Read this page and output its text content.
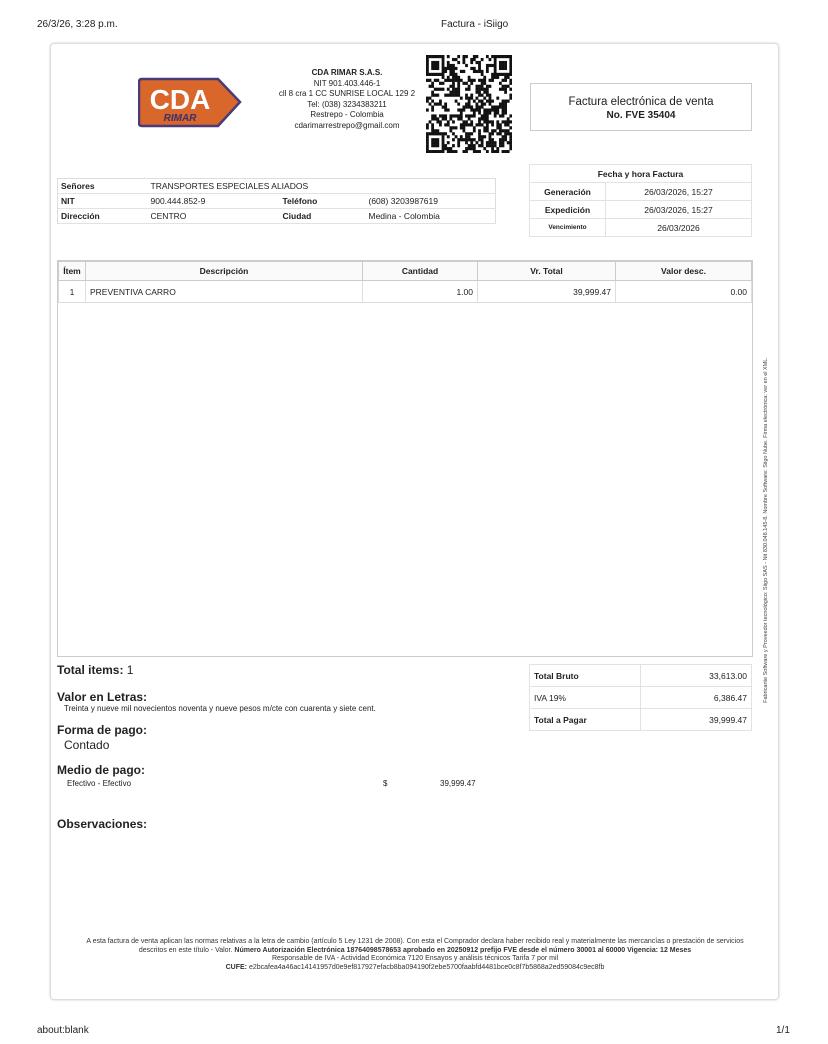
26/3/26, 3:28 p.m.	Factura - iSiigo
about:blank	1/1
CDA
RIMAR
CDA RIMAR S.A.S.
NIT 901.403.446-1
cll 8 cra 1 CC SUNRISE LOCAL 129 2
Tel: (038) 3234383211
Restrepo - Colombia
cdarimarrestrepo@gmail.com
Factura electrónica de venta
No. FVE 35404
Señores	TRANSPORTES ESPECIALES ALIADOS		
NIT	900.444.852-9	Teléfono	(608) 3203987619
Dirección	CENTRO	Ciudad	Medina - Colombia
Fecha y hora Factura	
Generación	26/03/2026, 15:27
Expedición	26/03/2026, 15:27
Vencimiento	26/03/2026
Ítem	Descripción	Cantidad	Vr. Total	Valor desc.
1	PREVENTIVA CARRO	1.00	39,999.47	0.00
Total Bruto	33,613.00
IVA 19%	6,386.47
Total a Pagar	39,999.47
Total items: 1
Valor en Letras:
Treinta y nueve mil novecientos noventa y nueve pesos m/cte con cuarenta y siete cent.
Forma de pago:
Contado
Medio de pago:
Efectivo - Efectivo	$	39,999.47
Observaciones:
A esta factura de venta aplican las normas relativas a la letra de cambio (artículo 5 Ley 1231 de 2008). Con esta el Comprador declara haber recibido real y materialmente las mercancías o prestación de servicios descritos en este título - Valor. Número Autorización Electrónica 18764098578653 aprobado en 20250912 prefijo FVE desde el número 30001 al 60000 Vigencia: 12 Meses
Responsable de IVA - Actividad Económica 7120 Ensayos y análisis técnicos Tarifa 7 por mil
CUFE: e2bcafea4a46ac14141957d0e9ef817927efacb8ba094190f2ebe5700faabfd4481bce0c8f7b5868a2ed59084c9ec8fb
Fabricante Software y Proveedor tecnológico: Siigo SAS - Nit 830.048.145-8. Nombre Software: Siigo Nube. Firma electrónica: ver en el XML.
